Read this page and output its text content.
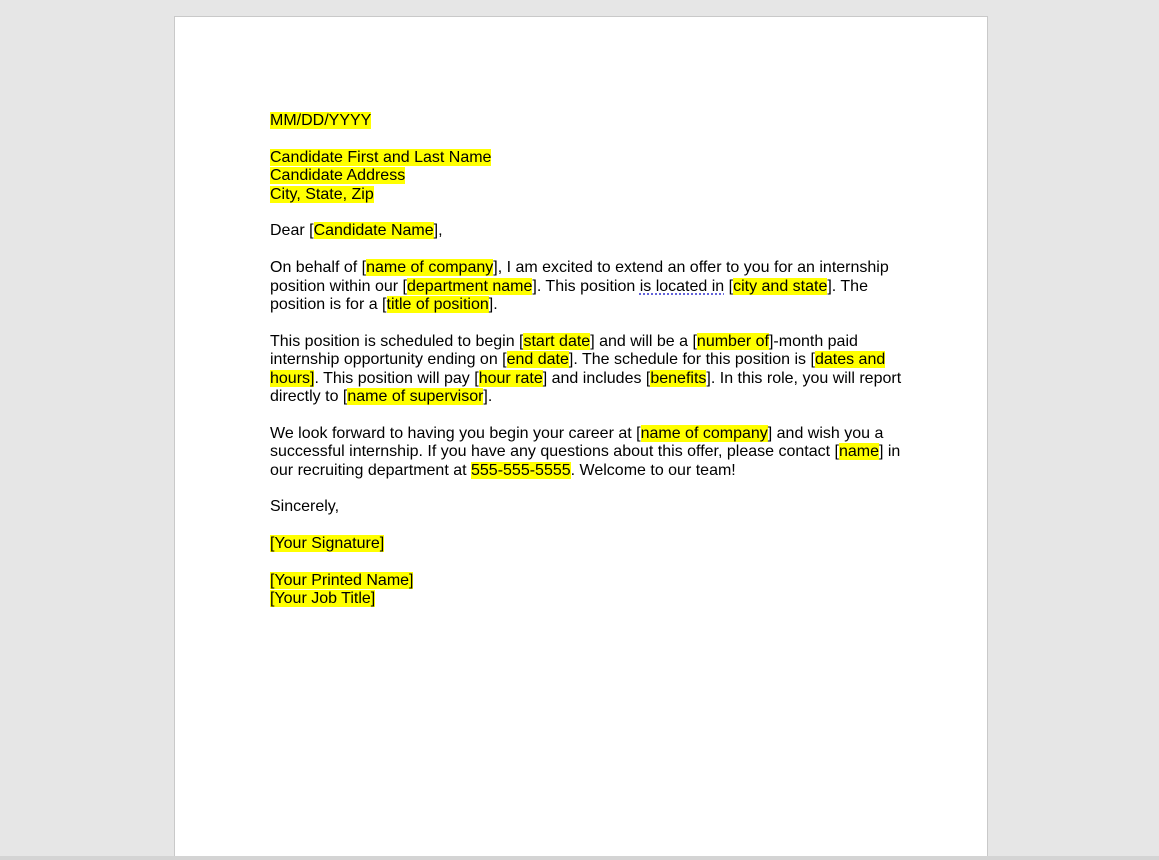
MM/DD/YYYY

Candidate First and Last Name
Candidate Address
City, State, Zip

Dear [Candidate Name],

On behalf of [name of company], I am excited to extend an offer to you for an internship position within our [department name]. This position is located in [city and state]. The position is for a [title of position].

This position is scheduled to begin [start date] and will be a [number of]-month paid internship opportunity ending on [end date]. The schedule for this position is [dates and hours]. This position will pay [hour rate] and includes [benefits]. In this role, you will report directly to [name of supervisor].

We look forward to having you begin your career at [name of company] and wish you a successful internship. If you have any questions about this offer, please contact [name] in our recruiting department at 555-555-5555. Welcome to our team!

Sincerely,

[Your Signature]

[Your Printed Name]
[Your Job Title]
